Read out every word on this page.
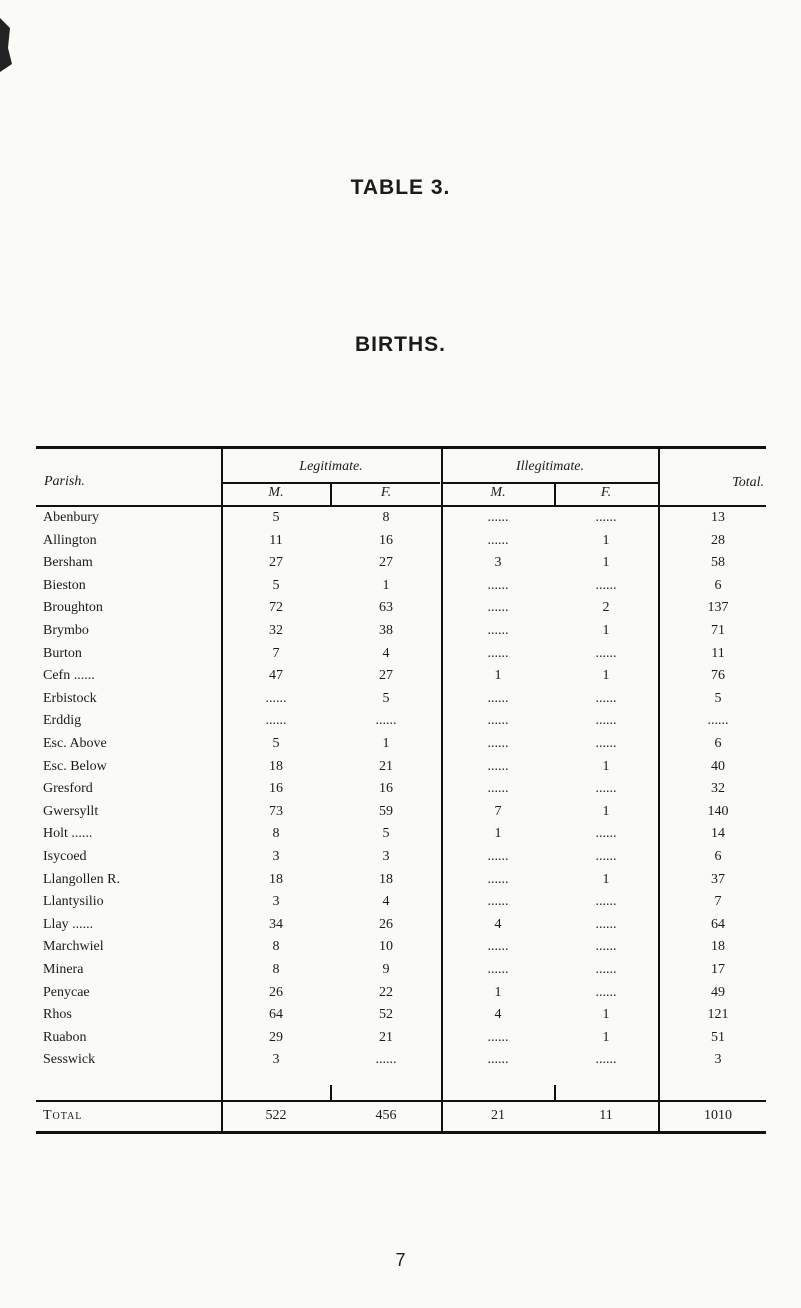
TABLE 3.
BIRTHS.
Parish.
Legitimate.	Illegitimate.
M.	F.	M.	F.
Total.
Abenbury	5	8	......	......	13
Allington	11	16	......	1	28
Bersham	27	27	3	1	58
Bieston	5	1	......	......	6
Broughton	72	63	......	2	137
Brymbo	32	38	......	1	71
Burton	7	4	......	......	11
Cefn ......	47	27	1	1	76
Erbistock	......	5	......	......	5
Erddig	......	......	......	......	......
Esc. Above	5	1	......	......	6
Esc. Below	18	21	......	1	40
Gresford	16	16	......	......	32
Gwersyllt	73	59	7	1	140
Holt ......	8	5	1	......	14
Isycoed	3	3	......	......	6
Llangollen R.	18	18	......	1	37
Llantysilio	3	4	......	......	7
Llay ......	34	26	4	......	64
Marchwiel	8	10	......	......	18
Minera	8	9	......	......	17
Penycae	26	22	1	......	49
Rhos	64	52	4	1	121
Ruabon	29	21	......	1	51
Sesswick	3	......	......	......	3
Total	522	456	21	11	1010
7
